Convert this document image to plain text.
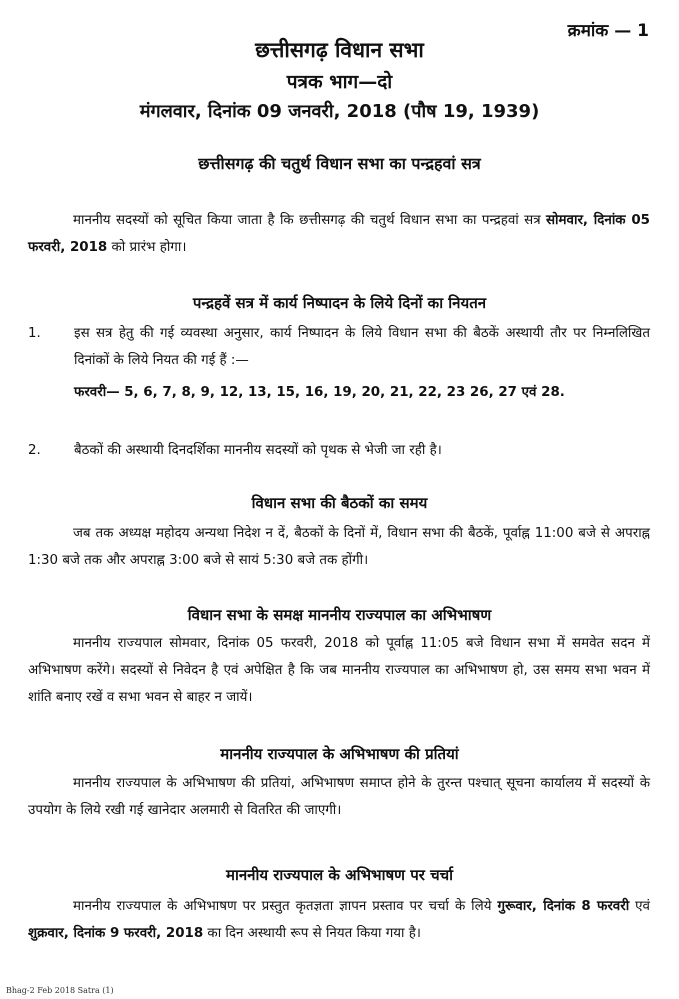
क्रमांक — 1
छत्तीसगढ़ विधान सभा
पत्रक भाग—दो
मंगलवार, दिनांक 09 जनवरी, 2018 (पौष 19, 1939)
छत्तीसगढ़ की चतुर्थ विधान सभा का पन्द्रहवां सत्र
माननीय सदस्यों को सूचित किया जाता है कि छत्तीसगढ़ की चतुर्थ विधान सभा का पन्द्रहवां सत्र सोमवार, दिनांक 05 फरवरी, 2018 को प्रारंभ होगा।
पन्द्रहवें सत्र में कार्य निष्पादन के लिये दिनों का नियतन
1. इस सत्र हेतु की गई व्यवस्था अनुसार, कार्य निष्पादन के लिये विधान सभा की बैठकें अस्थायी तौर पर निम्नलिखित दिनांकों के लिये नियत की गई हैं :—
फरवरी— 5, 6, 7, 8, 9, 12, 13, 15, 16, 19, 20, 21, 22, 23 26, 27 एवं 28.
2. बैठकों की अस्थायी दिनदर्शिका माननीय सदस्यों को पृथक से भेजी जा रही है।
विधान सभा की बैठकों का समय
जब तक अध्यक्ष महोदय अन्यथा निदेश न दें, बैठकों के दिनों में, विधान सभा की बैठकें, पूर्वाह्न 11:00 बजे से अपराह्न 1:30 बजे तक और अपराह्न 3:00 बजे से सायं 5:30 बजे तक होंगी।
विधान सभा के समक्ष माननीय राज्यपाल का अभिभाषण
माननीय राज्यपाल सोमवार, दिनांक 05 फरवरी, 2018 को पूर्वाह्न 11:05 बजे विधान सभा में समवेत सदन में अभिभाषण करेंगे। सदस्यों से निवेदन है एवं अपेक्षित है कि जब माननीय राज्यपाल का अभिभाषण हो, उस समय सभा भवन में शांति बनाए रखें व सभा भवन से बाहर न जायें।
माननीय राज्यपाल के अभिभाषण की प्रतियां
माननीय राज्यपाल के अभिभाषण की प्रतियां, अभिभाषण समाप्त होने के तुरन्त पश्चात् सूचना कार्यालय में सदस्यों के उपयोग के लिये रखी गई खानेदार अलमारी से वितरित की जाएगी।
माननीय राज्यपाल के अभिभाषण पर चर्चा
माननीय राज्यपाल के अभिभाषण पर प्रस्तुत कृतज्ञता ज्ञापन प्रस्ताव पर चर्चा के लिये गुरूवार, दिनांक 8 फरवरी एवं शुक्रवार, दिनांक 9 फरवरी, 2018 का दिन अस्थायी रूप से नियत किया गया है।
Bhag-2 Feb 2018 Satra (1)
